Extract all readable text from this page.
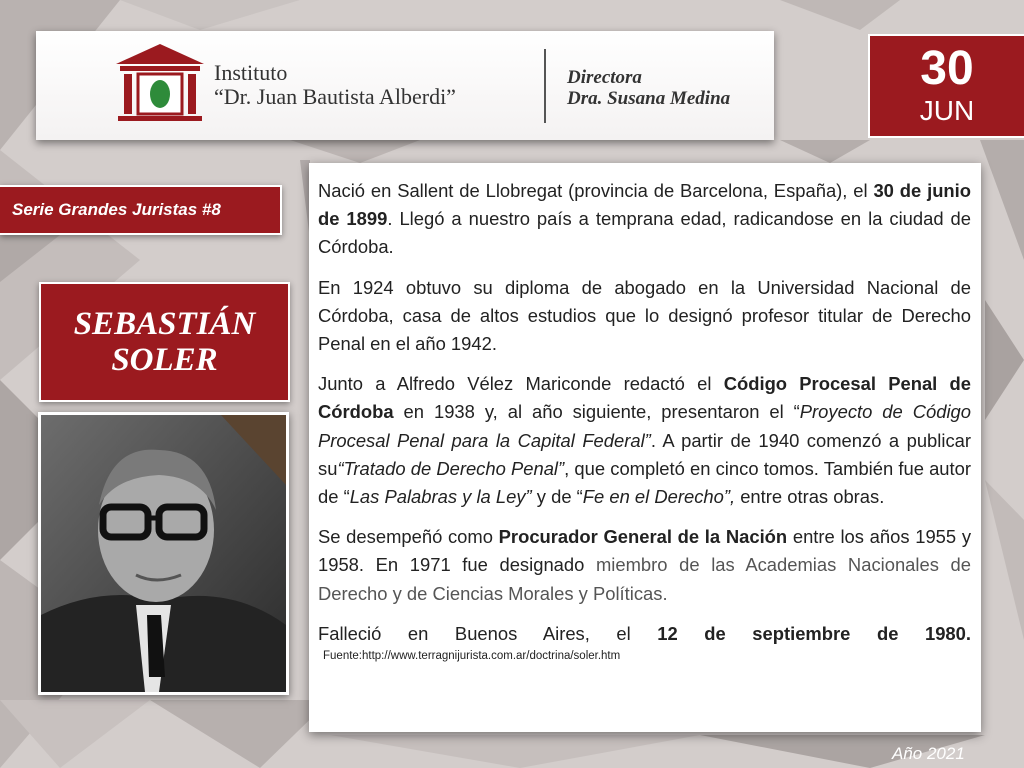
Instituto
“Dr. Juan Bautista Alberdi”
Directora
Dra. Susana Medina
30
JUN
Serie Grandes Juristas #8
SEBASTIÁN
SOLER

Nació en Sallent de Llobregat (provincia de Barcelona, España), el 30 de junio de 1899. Llegó a nuestro país a temprana edad, radicandose en la ciudad de Córdoba.

En 1924 obtuvo su diploma de abogado en la Universidad Nacional de Córdoba, casa de altos estudios que lo designó profesor titular de Derecho Penal en el año 1942.

Junto a Alfredo Vélez Mariconde redactó el Código Procesal Penal de Córdoba en 1938 y, al año siguiente, presentaron el “Proyecto de Código Procesal Penal para la Capital Federal”. A partir de 1940 comenzó a publicar su“Tratado de Derecho Penal”, que completó en cinco tomos. También fue autor de “Las Palabras y la Ley” y de “Fe en el Derecho”, entre otras obras.

Se desempeñó como Procurador General de la Nación entre los años 1955 y 1958. En 1971 fue designado miembro de las Academias Nacionales de Derecho y de Ciencias Morales y Políticas.

Falleció en Buenos Aires, el 12 de septiembre de 1980.

Fuente:http://www.terragnijurista.com.ar/doctrina/soler.htm
Año 2021
